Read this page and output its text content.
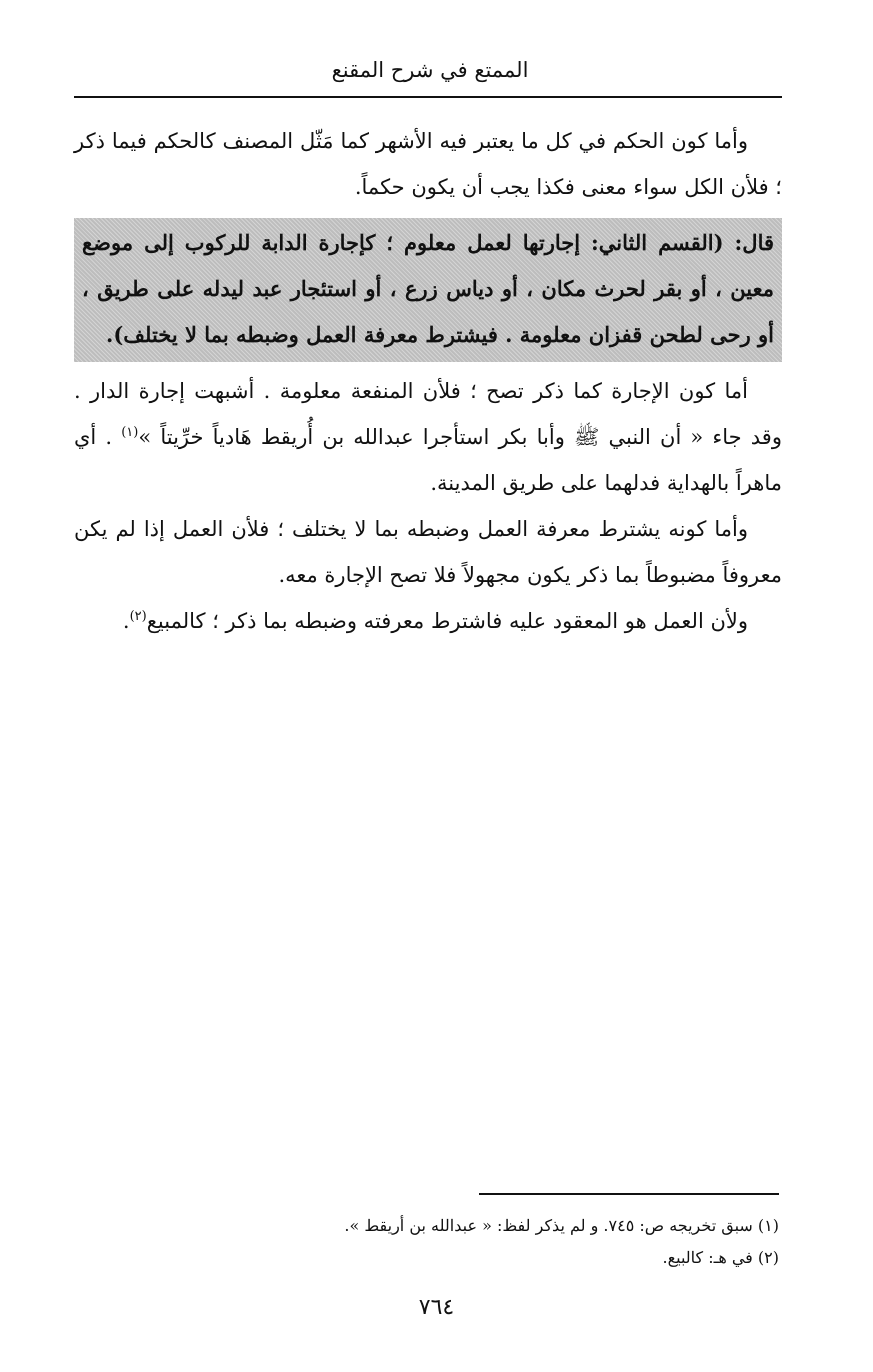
الممتع في شرح المقنع

وأما كون الحكم في كل ما يعتبر فيه الأشهر كما مَثّل المصنف كالحكم فيما ذكر ؛ فلأن الكل سواء معنى فكذا يجب أن يكون حكماً.

قال: (القسم الثاني: إجارتها لعمل معلوم ؛ كإجارة الدابة للركوب إلى موضع معين ، أو بقر لحرث مكان ، أو دياس زرع ، أو استئجار عبد ليدله على طريق ، أو رحى لطحن قفزان معلومة . فيشترط معرفة العمل وضبطه بما لا يختلف).

أما كون الإجارة كما ذكر تصح ؛ فلأن المنفعة معلومة . أشبهت إجارة الدار . وقد جاء « أن النبي ﷺ وأبا بكر استأجرا عبدالله بن أُريقط هَادياً خرِّيتاً »$^{(١)}$ . أي ماهراً بالهداية فدلهما على طريق المدينة.

وأما كونه يشترط معرفة العمل وضبطه بما لا يختلف ؛ فلأن العمل إذا لم يكن معروفاً مضبوطاً بما ذكر يكون مجهولاً فلا تصح الإجارة معه.

ولأن العمل هو المعقود عليه فاشترط معرفته وضبطه بما ذكر ؛ كالمبيع$^{(٢)}$.

(١) سبق تخريجه ص: ٧٤٥. و لم يذكر لفظ: « عبدالله بن أريقط ».

(٢) في هـ: كالبيع.

٧٦٤
